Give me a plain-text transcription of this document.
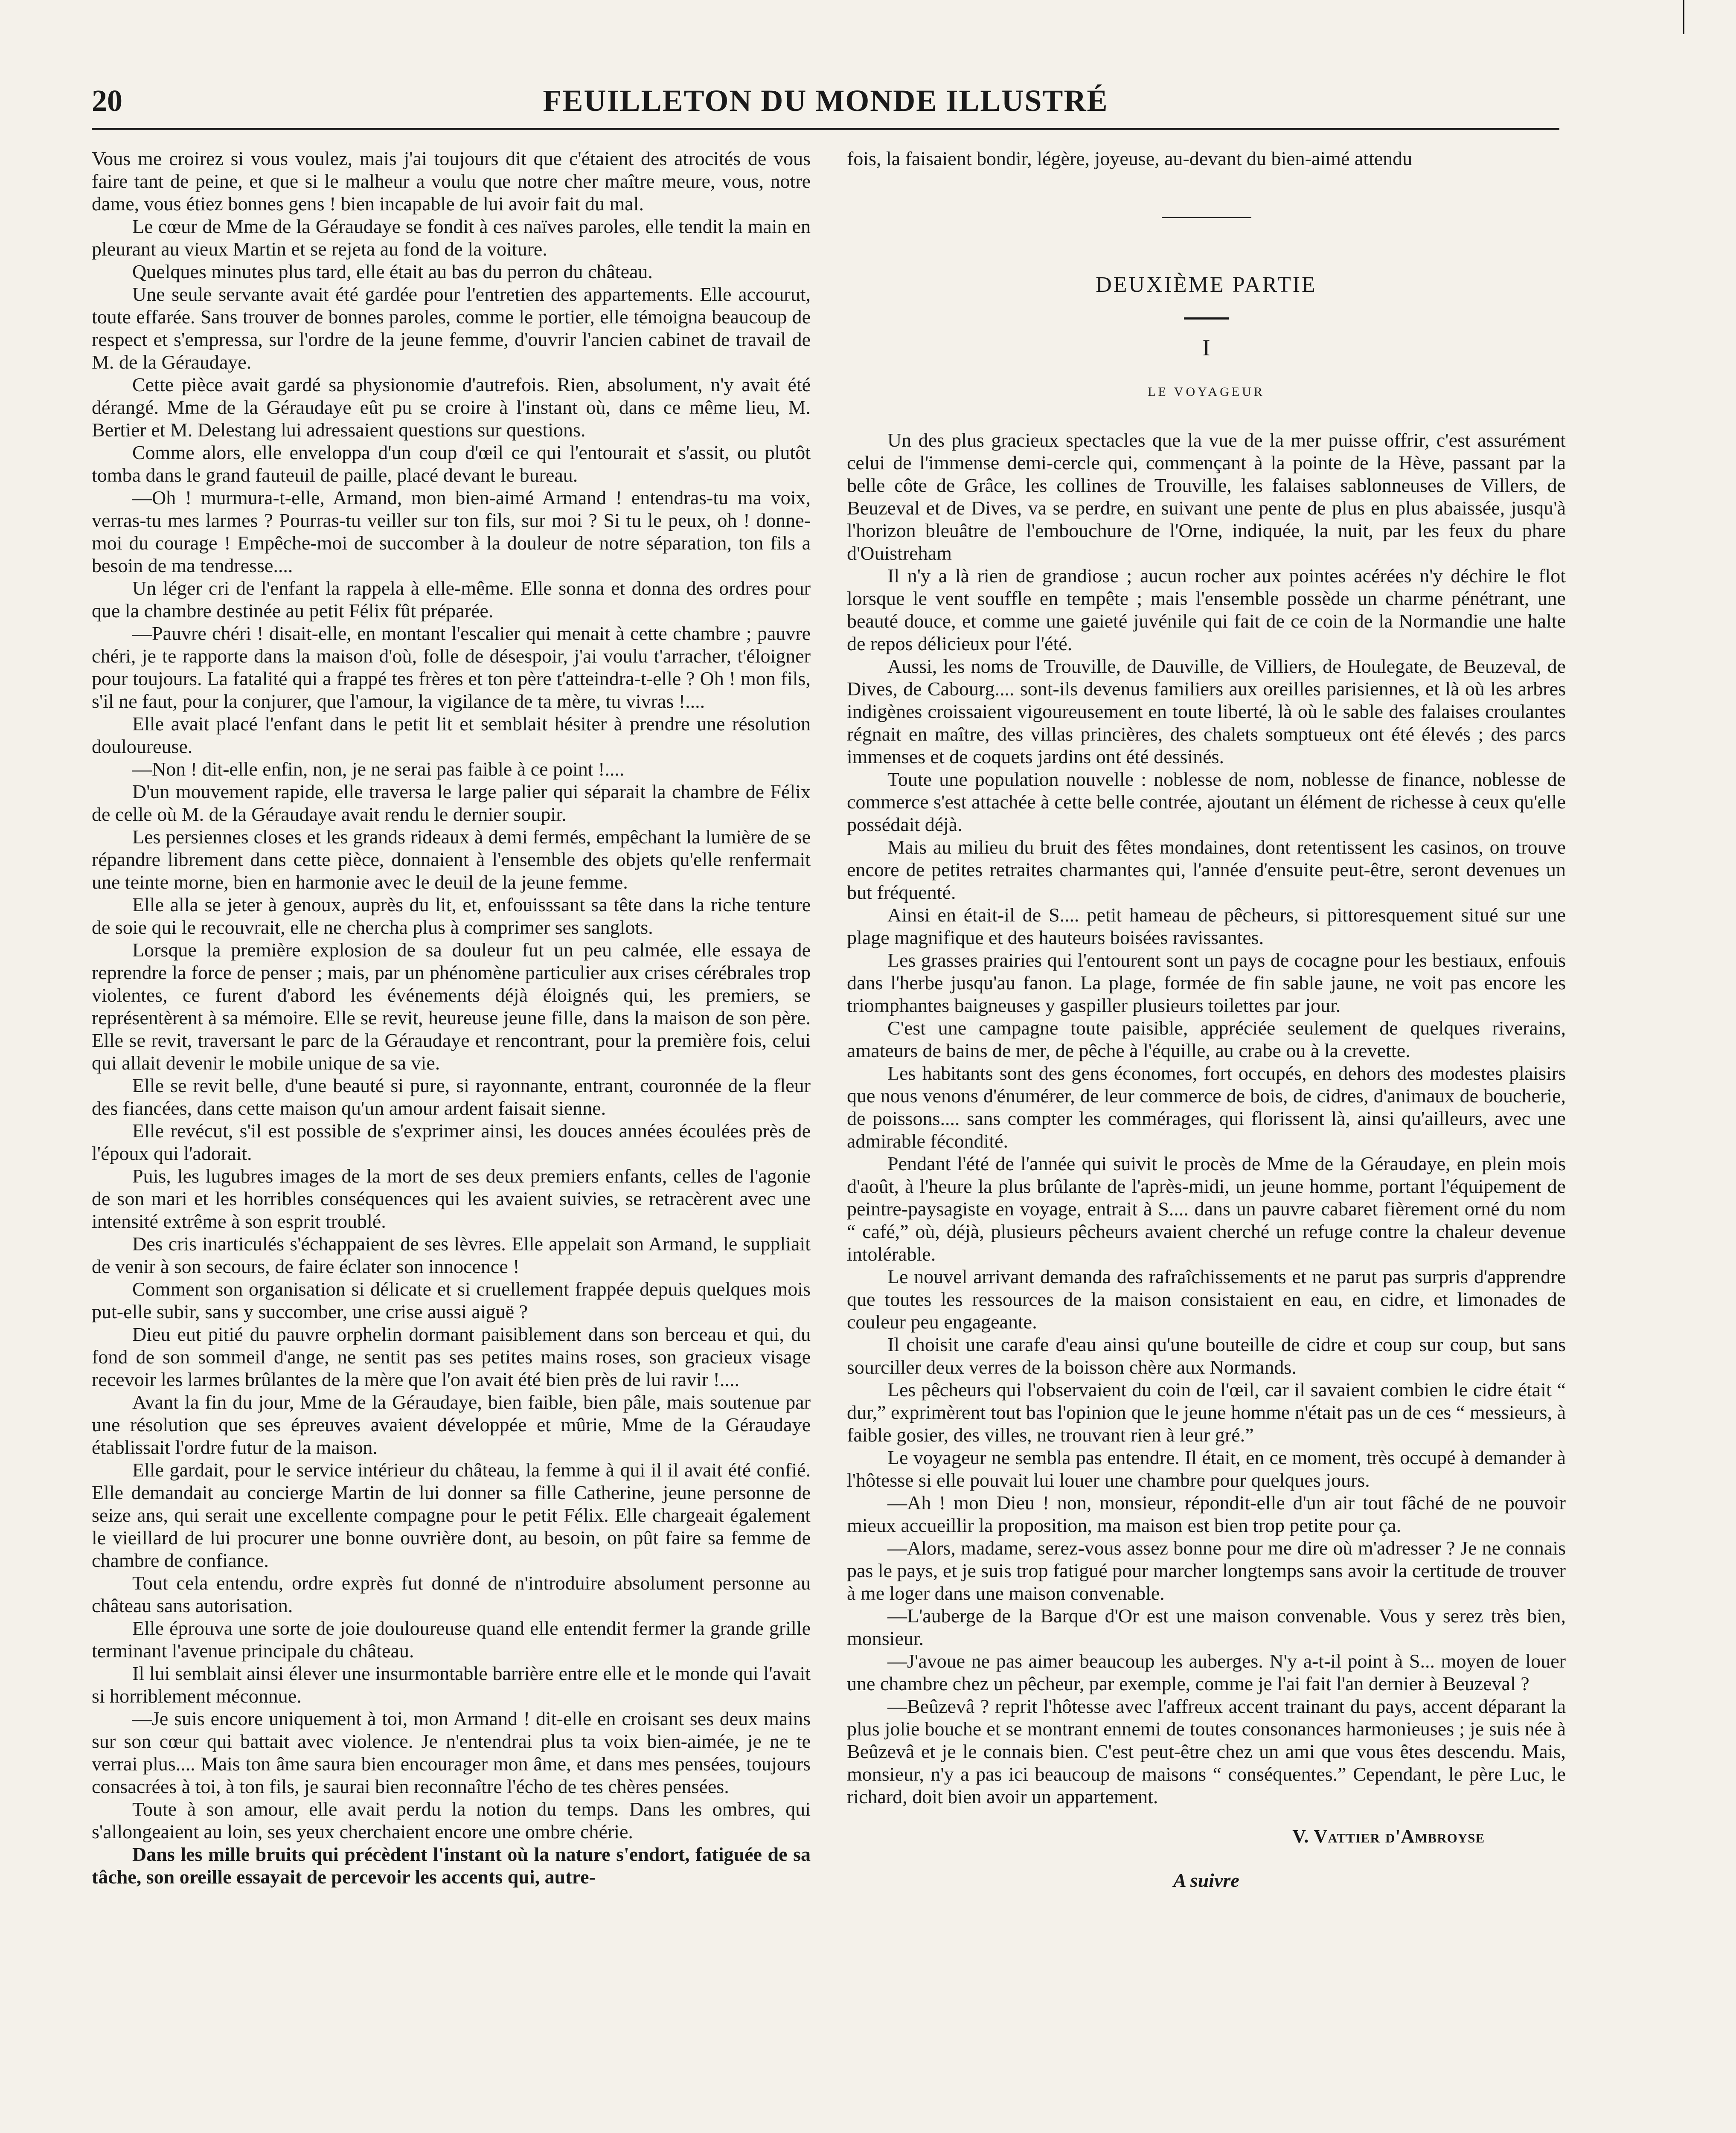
20	FEUILLETON DU MONDE ILLUSTRÉ

Vous me croirez si vous voulez, mais j'ai toujours dit que c'étaient des atrocités de vous faire tant de peine, et que si le malheur a voulu que notre cher maître meure, vous, notre dame, vous étiez bonnes gens ! bien incapable de lui avoir fait du mal.

Le cœur de Mme de la Géraudaye se fondit à ces naïves paroles, elle tendit la main en pleurant au vieux Martin et se rejeta au fond de la voiture.

Quelques minutes plus tard, elle était au bas du perron du château.

Une seule servante avait été gardée pour l'entretien des appartements. Elle accourut, toute effarée. Sans trouver de bonnes paroles, comme le portier, elle témoigna beaucoup de respect et s'empressa, sur l'ordre de la jeune femme, d'ouvrir l'ancien cabinet de travail de M. de la Géraudaye.

Cette pièce avait gardé sa physionomie d'autrefois. Rien, absolument, n'y avait été dérangé. Mme de la Géraudaye eût pu se croire à l'instant où, dans ce même lieu, M. Bertier et M. Delestang lui adressaient questions sur questions.

Comme alors, elle enveloppa d'un coup d'œil ce qui l'entourait et s'assit, ou plutôt tomba dans le grand fauteuil de paille, placé devant le bureau.

—Oh ! murmura-t-elle, Armand, mon bien-aimé Armand ! entendras-tu ma voix, verras-tu mes larmes ? Pourras-tu veiller sur ton fils, sur moi ? Si tu le peux, oh ! donne-moi du courage ! Empêche-moi de succomber à la douleur de notre séparation, ton fils a besoin de ma tendresse....

Un léger cri de l'enfant la rappela à elle-même. Elle sonna et donna des ordres pour que la chambre destinée au petit Félix fût préparée.

—Pauvre chéri ! disait-elle, en montant l'escalier qui menait à cette chambre ; pauvre chéri, je te rapporte dans la maison d'où, folle de désespoir, j'ai voulu t'arracher, t'éloigner pour toujours. La fatalité qui a frappé tes frères et ton père t'atteindra-t-elle ? Oh ! mon fils, s'il ne faut, pour la conjurer, que l'amour, la vigilance de ta mère, tu vivras !....

Elle avait placé l'enfant dans le petit lit et semblait hésiter à prendre une résolution douloureuse.

—Non ! dit-elle enfin, non, je ne serai pas faible à ce point !....

D'un mouvement rapide, elle traversa le large palier qui séparait la chambre de Félix de celle où M. de la Géraudaye avait rendu le dernier soupir.

Les persiennes closes et les grands rideaux à demi fermés, empêchant la lumière de se répandre librement dans cette pièce, donnaient à l'ensemble des objets qu'elle renfermait une teinte morne, bien en harmonie avec le deuil de la jeune femme.

Elle alla se jeter à genoux, auprès du lit, et, enfouisssant sa tête dans la riche tenture de soie qui le recouvrait, elle ne chercha plus à comprimer ses sanglots.

Lorsque la première explosion de sa douleur fut un peu calmée, elle essaya de reprendre la force de penser ; mais, par un phénomène particulier aux crises cérébrales trop violentes, ce furent d'abord les événements déjà éloignés qui, les premiers, se représentèrent à sa mémoire. Elle se revit, heureuse jeune fille, dans la maison de son père. Elle se revit, traversant le parc de la Géraudaye et rencontrant, pour la première fois, celui qui allait devenir le mobile unique de sa vie.

Elle se revit belle, d'une beauté si pure, si rayonnante, entrant, couronnée de la fleur des fiancées, dans cette maison qu'un amour ardent faisait sienne.

Elle revécut, s'il est possible de s'exprimer ainsi, les douces années écoulées près de l'époux qui l'adorait.

Puis, les lugubres images de la mort de ses deux premiers enfants, celles de l'agonie de son mari et les horribles conséquences qui les avaient suivies, se retracèrent avec une intensité extrême à son esprit troublé.

Des cris inarticulés s'échappaient de ses lèvres. Elle appelait son Armand, le suppliait de venir à son secours, de faire éclater son innocence !

Comment son organisation si délicate et si cruellement frappée depuis quelques mois put-elle subir, sans y succomber, une crise aussi aiguë ?

Dieu eut pitié du pauvre orphelin dormant paisiblement dans son berceau et qui, du fond de son sommeil d'ange, ne sentit pas ses petites mains roses, son gracieux visage recevoir les larmes brûlantes de la mère que l'on avait été bien près de lui ravir !....

Avant la fin du jour, Mme de la Géraudaye, bien faible, bien pâle, mais soutenue par une résolution que ses épreuves avaient développée et mûrie, Mme de la Géraudaye établissait l'ordre futur de la maison.

Elle gardait, pour le service intérieur du château, la femme à qui il il avait été confié. Elle demandait au concierge Martin de lui donner sa fille Catherine, jeune personne de seize ans, qui serait une excellente compagne pour le petit Félix. Elle chargeait également le vieillard de lui procurer une bonne ouvrière dont, au besoin, on pût faire sa femme de chambre de confiance.

Tout cela entendu, ordre exprès fut donné de n'introduire absolument personne au château sans autorisation.

Elle éprouva une sorte de joie douloureuse quand elle entendit fermer la grande grille terminant l'avenue principale du château.

Il lui semblait ainsi élever une insurmontable barrière entre elle et le monde qui l'avait si horriblement méconnue.

—Je suis encore uniquement à toi, mon Armand ! dit-elle en croisant ses deux mains sur son cœur qui battait avec violence. Je n'entendrai plus ta voix bien-aimée, je ne te verrai plus.... Mais ton âme saura bien encourager mon âme, et dans mes pensées, toujours consacrées à toi, à ton fils, je saurai bien reconnaître l'écho de tes chères pensées.

Toute à son amour, elle avait perdu la notion du temps. Dans les ombres, qui s'allongeaient au loin, ses yeux cherchaient encore une ombre chérie.

Dans les mille bruits qui précèdent l'instant où la nature s'endort, fatiguée de sa tâche, son oreille essayait de percevoir les accents qui, autre-

fois, la faisaient bondir, légère, joyeuse, au-devant du bien-aimé attendu

DEUXIÈME PARTIE
I
LE VOYAGEUR

Un des plus gracieux spectacles que la vue de la mer puisse offrir, c'est assurément celui de l'immense demi-cercle qui, commençant à la pointe de la Hève, passant par la belle côte de Grâce, les collines de Trouville, les falaises sablonneuses de Villers, de Beuzeval et de Dives, va se perdre, en suivant une pente de plus en plus abaissée, jusqu'à l'horizon bleuâtre de l'embouchure de l'Orne, indiquée, la nuit, par les feux du phare d'Ouistreham

Il n'y a là rien de grandiose ; aucun rocher aux pointes acérées n'y déchire le flot lorsque le vent souffle en tempête ; mais l'ensemble possède un charme pénétrant, une beauté douce, et comme une gaieté juvénile qui fait de ce coin de la Normandie une halte de repos délicieux pour l'été.

Aussi, les noms de Trouville, de Dauville, de Villiers, de Houlegate, de Beuzeval, de Dives, de Cabourg.... sont-ils devenus familiers aux oreilles parisiennes, et là où les arbres indigènes croissaient vigoureusement en toute liberté, là où le sable des falaises croulantes régnait en maître, des villas princières, des chalets somptueux ont été élevés ; des parcs immenses et de coquets jardins ont été dessinés.

Toute une population nouvelle : noblesse de nom, noblesse de finance, noblesse de commerce s'est attachée à cette belle contrée, ajoutant un élément de richesse à ceux qu'elle possédait déjà.

Mais au milieu du bruit des fêtes mondaines, dont retentissent les casinos, on trouve encore de petites retraites charmantes qui, l'année d'ensuite peut-être, seront devenues un but fréquenté.

Ainsi en était-il de S.... petit hameau de pêcheurs, si pittoresquement situé sur une plage magnifique et des hauteurs boisées ravissantes.

Les grasses prairies qui l'entourent sont un pays de cocagne pour les bestiaux, enfouis dans l'herbe jusqu'au fanon. La plage, formée de fin sable jaune, ne voit pas encore les triomphantes baigneuses y gaspiller plusieurs toilettes par jour.

C'est une campagne toute paisible, appréciée seulement de quelques riverains, amateurs de bains de mer, de pêche à l'équille, au crabe ou à la crevette.

Les habitants sont des gens économes, fort occupés, en dehors des modestes plaisirs que nous venons d'énumérer, de leur commerce de bois, de cidres, d'animaux de boucherie, de poissons.... sans compter les commérages, qui florissent là, ainsi qu'ailleurs, avec une admirable fécondité.

Pendant l'été de l'année qui suivit le procès de Mme de la Géraudaye, en plein mois d'août, à l'heure la plus brûlante de l'après-midi, un jeune homme, portant l'équipement de peintre-paysagiste en voyage, entrait à S.... dans un pauvre cabaret fièrement orné du nom “ café,” où, déjà, plusieurs pêcheurs avaient cherché un refuge contre la chaleur devenue intolérable.

Le nouvel arrivant demanda des rafraîchissements et ne parut pas surpris d'apprendre que toutes les ressources de la maison consistaient en eau, en cidre, et limonades de couleur peu engageante.

Il choisit une carafe d'eau ainsi qu'une bouteille de cidre et coup sur coup, but sans sourciller deux verres de la boisson chère aux Normands.

Les pêcheurs qui l'observaient du coin de l'œil, car il savaient combien le cidre était “ dur,” exprimèrent tout bas l'opinion que le jeune homme n'était pas un de ces “ messieurs, à faible gosier, des villes, ne trouvant rien à leur gré.”

Le voyageur ne sembla pas entendre. Il était, en ce moment, très occupé à demander à l'hôtesse si elle pouvait lui louer une chambre pour quelques jours.

—Ah ! mon Dieu ! non, monsieur, répondit-elle d'un air tout fâché de ne pouvoir mieux accueillir la proposition, ma maison est bien trop petite pour ça.

—Alors, madame, serez-vous assez bonne pour me dire où m'adresser ? Je ne connais pas le pays, et je suis trop fatigué pour marcher longtemps sans avoir la certitude de trouver à me loger dans une maison convenable.

—L'auberge de la Barque d'Or est une maison convenable. Vous y serez très bien, monsieur.

—J'avoue ne pas aimer beaucoup les auberges. N'y a-t-il point à S... moyen de louer une chambre chez un pêcheur, par exemple, comme je l'ai fait l'an dernier à Beuzeval ?

—Beûzevâ ? reprit l'hôtesse avec l'affreux accent trainant du pays, accent déparant la plus jolie bouche et se montrant ennemi de toutes consonances harmonieuses ; je suis née à Beûzevâ et je le connais bien. C'est peut-être chez un ami que vous êtes descendu. Mais, monsieur, n'y a pas ici beaucoup de maisons “ conséquentes.” Cependant, le père Luc, le richard, doit bien avoir un appartement.

V. Vattier d'Ambroyse
A suivre
